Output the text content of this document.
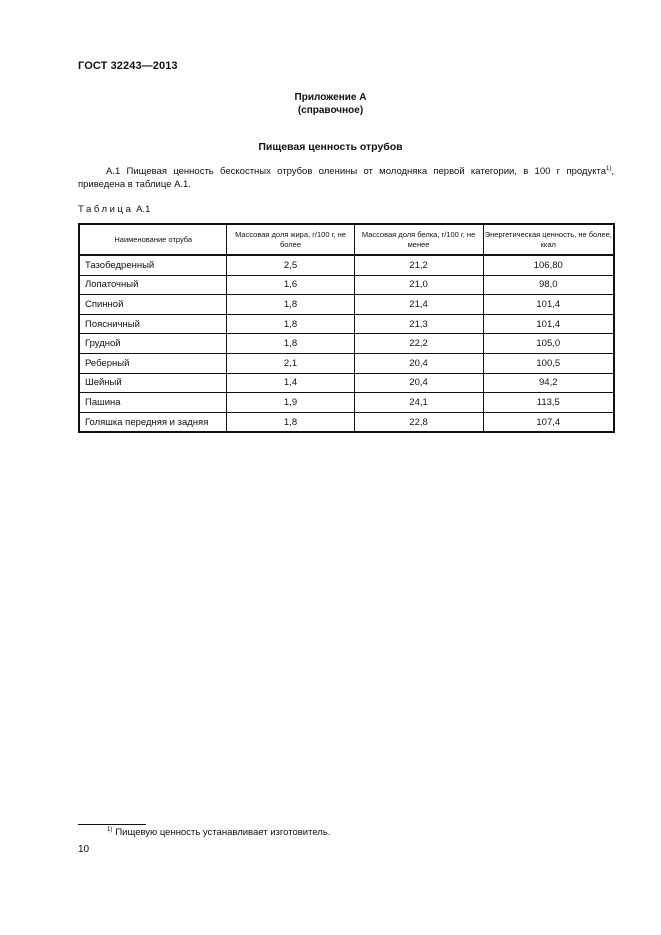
ГОСТ 32243—2013
Приложение А
(справочное)
Пищевая ценность отрубов
А.1 Пищевая ценность бескостных отрубов оленины от молодняка первой категории, в 100 г продукта$^{1)}$, приведена в таблице А.1.
Таблица А.1
Наименование отруба	Массовая доля жира, г/100 г, не более	Массовая доля белка, г/100 г, не менее	Энергетическая ценность, не более, ккал
Тазобедренный	2,5	21,2	106,80
Лопаточный	1,6	21,0	98,0
Спинной	1,8	21,4	101,4
Поясничный	1,8	21,3	101,4
Грудной	1,8	22,2	105,0
Реберный	2,1	20,4	100,5
Шейный	1,4	20,4	94,2
Пашина	1,9	24,1	113,5
Голяшка передняя и задняя	1,8	22,8	107,4
$^{1)}$ Пищевую ценность устанавливает изготовитель.
10
